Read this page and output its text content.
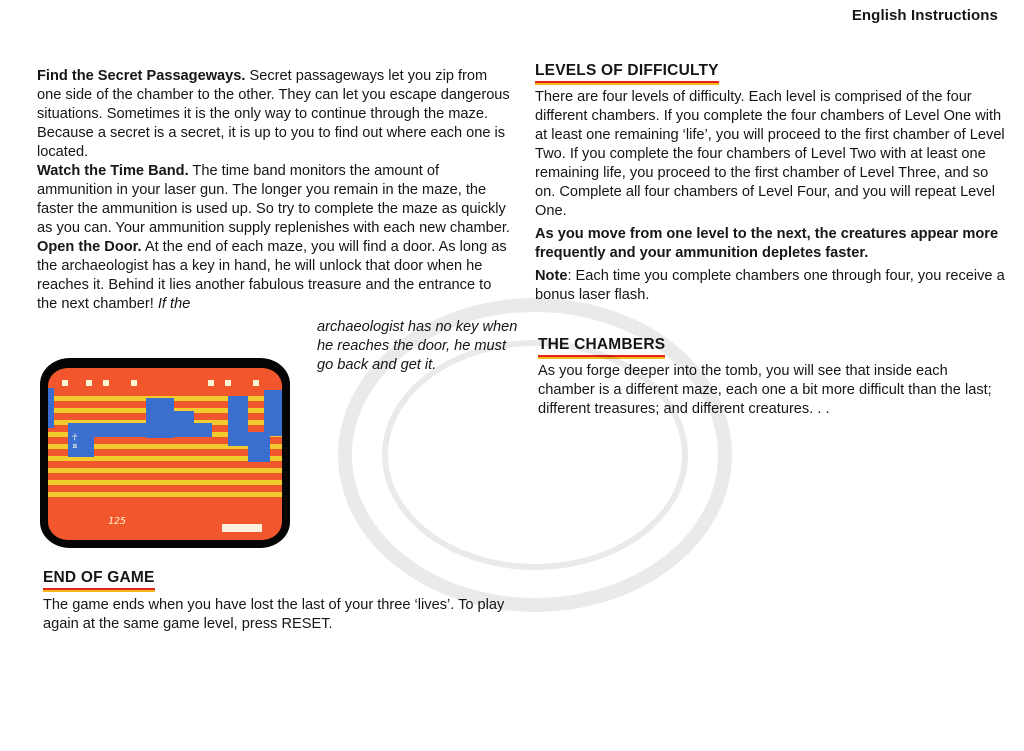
English Instructions

Find the Secret Passageways. Secret passageways let you zip from one side of the chamber to the other. They can let you escape dangerous situations. Sometimes it is the only way to continue through the maze. Because a secret is a secret, it is up to you to find out where each one is located.

Watch the Time Band. The time band monitors the amount of ammunition in your laser gun. The longer you remain in the maze, the faster the ammunition is used up. So try to complete the maze as quickly as you can. Your ammunition supply replenishes with each new chamber.

Open the Door. At the end of each maze, you will find a door. As long as the archaeologist has a key in hand, he will unlock that door when he reaches it. Behind it lies another fabulous treasure and the entrance to the next chamber! If the

archaeologist has no key when he reaches the door, he must go back and get it.
☥
¤
125
END OF GAME
The game ends when you have lost the last of your three ‘lives’. To play again at the same game level, press RESET.
LEVELS OF DIFFICULTY

There are four levels of difficulty. Each level is comprised of the four different chambers. If you complete the four chambers of Level One with at least one remaining ‘life’, you will proceed to the first chamber of Level Two. If you complete the four chambers of Level Two with at least one remaining life, you proceed to the first chamber of Level Three, and so on. Complete all four chambers of Level Four, and you will repeat Level One.

As you move from one level to the next, the creatures appear more frequently and your ammunition depletes faster.

Note: Each time you complete chambers one through four, you receive a bonus laser flash.

THE CHAMBERS
As you forge deeper into the tomb, you will see that inside each chamber is a different maze, each one a bit more difficult than the last; different treasures; and different creatures. . .
